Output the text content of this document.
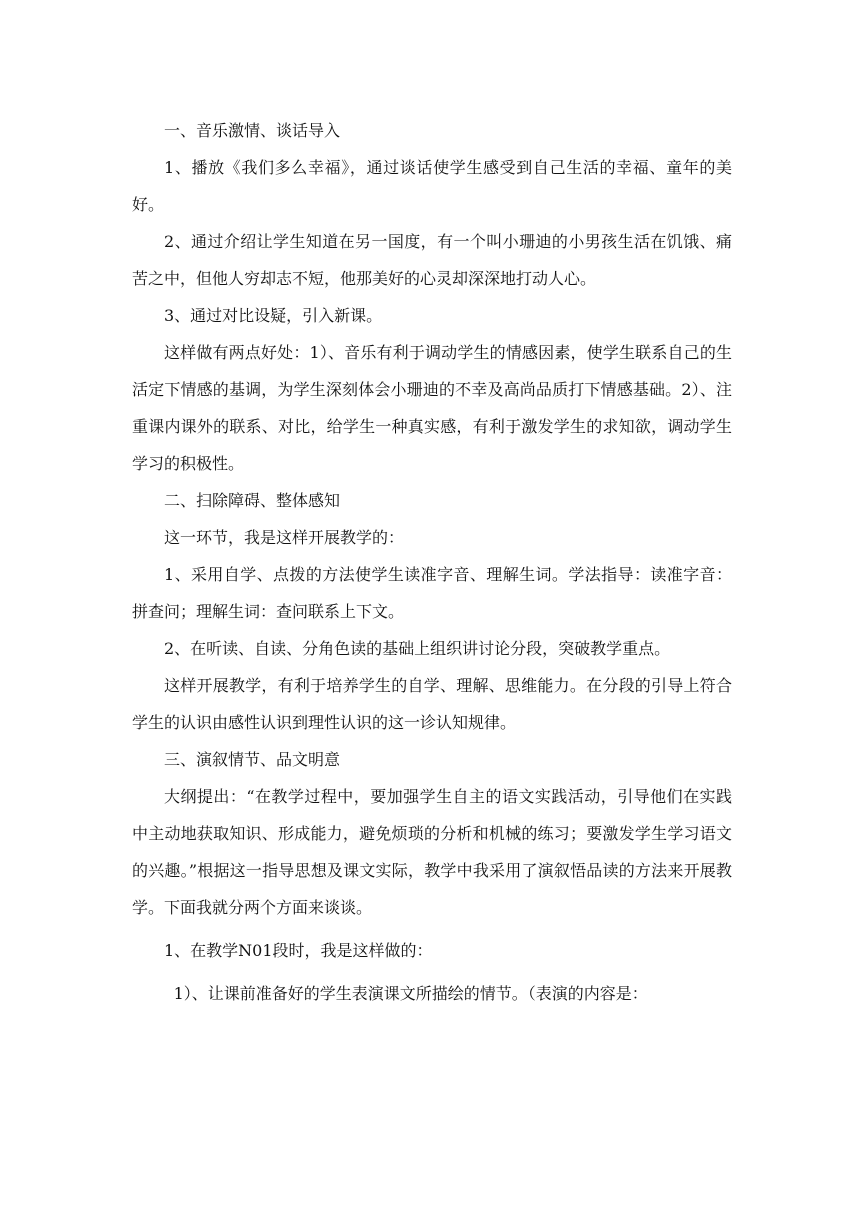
一、音乐激情、谈话导入

1、播放《我们多么幸福》，通过谈话使学生感受到自己生活的幸福、童年的美好。

2、通过介绍让学生知道在另一国度，有一个叫小珊迪的小男孩生活在饥饿、痛苦之中，但他人穷却志不短，他那美好的心灵却深深地打动人心。

3、通过对比设疑，引入新课。

这样做有两点好处：1）、音乐有利于调动学生的情感因素，使学生联系自己的生活定下情感的基调，为学生深刻体会小珊迪的不幸及高尚品质打下情感基础。2）、注重课内课外的联系、对比，给学生一种真实感，有利于激发学生的求知欲，调动学生学习的积极性。

二、扫除障碍、整体感知

这一环节，我是这样开展教学的：

1、采用自学、点拨的方法使学生读准字音、理解生词。学法指导：读准字音：拼查问；理解生词：查问联系上下文。

2、在听读、自读、分角色读的基础上组织讲讨论分段，突破教学重点。

这样开展教学，有利于培养学生的自学、理解、思维能力。在分段的引导上符合学生的认识由感性认识到理性认识的这一诊认知规律。

三、演叙情节、品文明意

大纲提出：“在教学过程中，要加强学生自主的语文实践活动，引导他们在实践中主动地获取知识、形成能力，避免烦琐的分析和机械的练习；要激发学生学习语文的兴趣。”根据这一指导思想及课文实际，教学中我采用了演叙悟品读的方法来开展教学。下面我就分两个方面来谈谈。

1、在教学N01段时，我是这样做的：

1）、让课前准备好的学生表演课文所描绘的情节。（表演的内容是：
